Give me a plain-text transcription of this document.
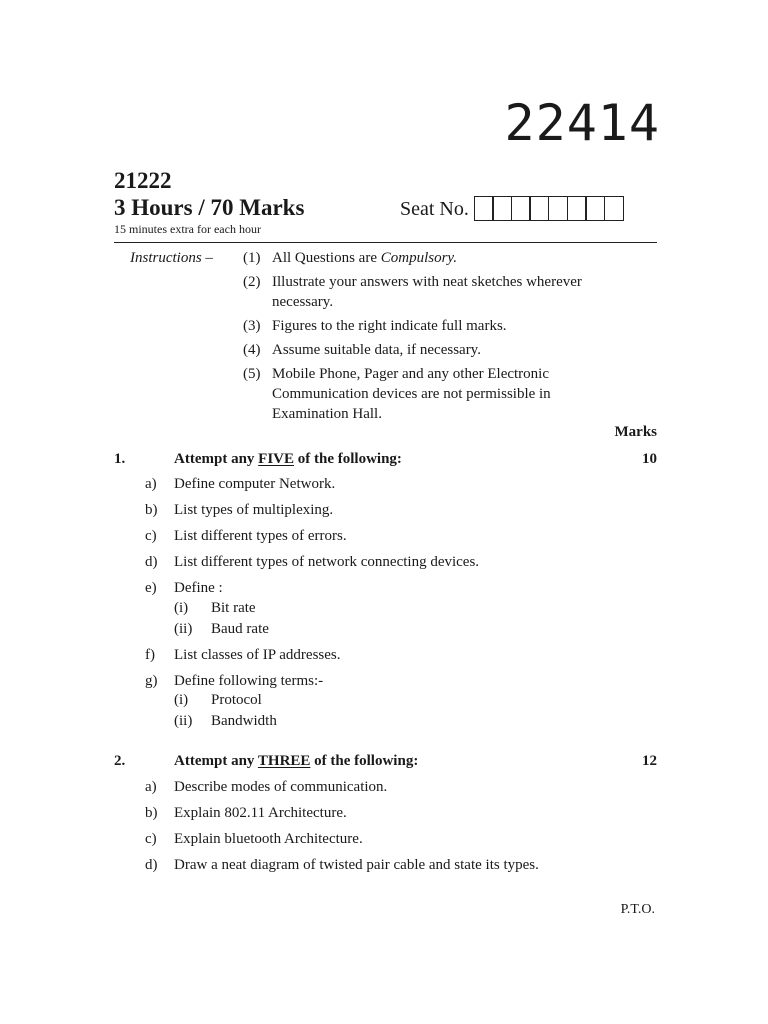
22414
21222
3 Hours / 70 Marks
15 minutes extra for each hour
Seat No.
Instructions – (1) All Questions are Compulsory.
(2) Illustrate your answers with neat sketches wherever
necessary.
(3) Figures to the right indicate full marks.
(4) Assume suitable data, if necessary.
(5) Mobile Phone, Pager and any other Electronic
Communication devices are not permissible in
Examination Hall.
Marks
1.	Attempt any FIVE of the following:	10
a) Define computer Network.
b) List types of multiplexing.
c) List different types of errors.
d) List different types of network connecting devices.
e) Define :
(i) Bit rate
(ii) Baud rate
f) List classes of IP addresses.
g) Define following terms:-
(i) Protocol
(ii) Bandwidth
2.	Attempt any THREE of the following:	12
a) Describe modes of communication.
b) Explain 802.11 Architecture.
c) Explain bluetooth Architecture.
d) Draw a neat diagram of twisted pair cable and state its types.
P.T.O.
